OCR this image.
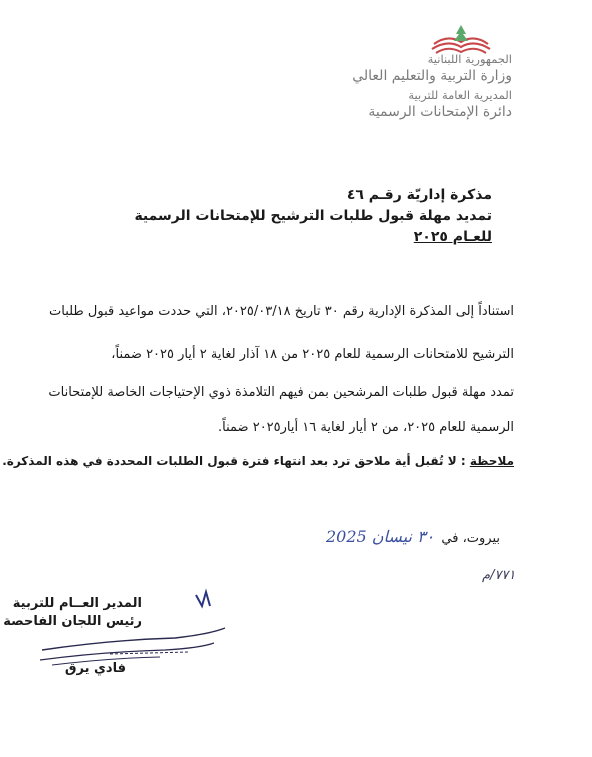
الجمهورية اللبنانية
وزارة التربية والتعليم العالي
المديرية العامة للتربية
دائرة الإمتحانات الرسمية
مذكرة إداريّة رقـم ٤٦
تمديد مهلة قبول طلبات الترشيح للإمتحانات الرسمية
للعـام ٢٠٢٥
استناداً إلى المذكرة الإدارية رقم ٣٠ تاريخ ٢٠٢٥/٠٣/١٨، التي حددت مواعيد قبول طلبات
الترشيح للامتحانات الرسمية للعام ٢٠٢٥ من ١٨ آذار لغاية ٢ أيار ٢٠٢٥ ضمناً،
تمدد مهلة قبول طلبات المرشحين بمن فيهم التلامذة ذوي الإحتياجات الخاصة للإمتحانات
الرسمية للعام ٢٠٢٥، من ٢ أيار لغاية ١٦ أيار٢٠٢٥ ضمناً.
ملاحظة : لا تُقبل أية ملاحق ترد بعد انتهاء فترة قبول الطلبات المحددة في هذه المذكرة.
بيروت، في
٣٠ نيسان 2025
٧٧١/م
المدير العــام للتربية
رئيس اللجان الفاحصة
فادي يرق
